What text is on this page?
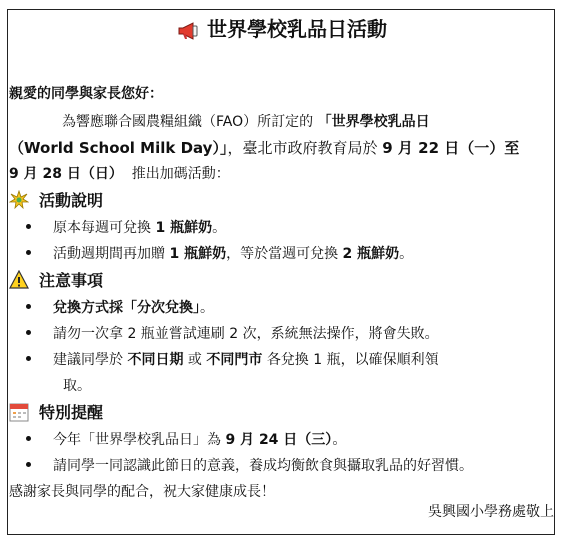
世界學校乳品日活動
親愛的同學與家長您好：
為響應聯合國農糧組織（FAO）所訂定的 「世界學校乳品日
（World School Milk Day）」，臺北市政府教育局於 9 月 22 日（一）至
9 月 28 日（日） 推出加碼活動：
活動說明
原本每週可兌換 1 瓶鮮奶。
活動週期間再加贈 1 瓶鮮奶，等於當週可兌換 2 瓶鮮奶。
注意事項
兌換方式採「分次兌換」。
請勿一次拿 2 瓶並嘗試連刷 2 次，系統無法操作，將會失敗。
建議同學於 不同日期 或 不同門市 各兌換 1 瓶，以確保順利領
取。
特別提醒
今年「世界學校乳品日」為 9 月 24 日（三）。
請同學一同認識此節日的意義，養成均衡飲食與攝取乳品的好習慣。
感謝家長與同學的配合，祝大家健康成長！
吳興國小學務處敬上
